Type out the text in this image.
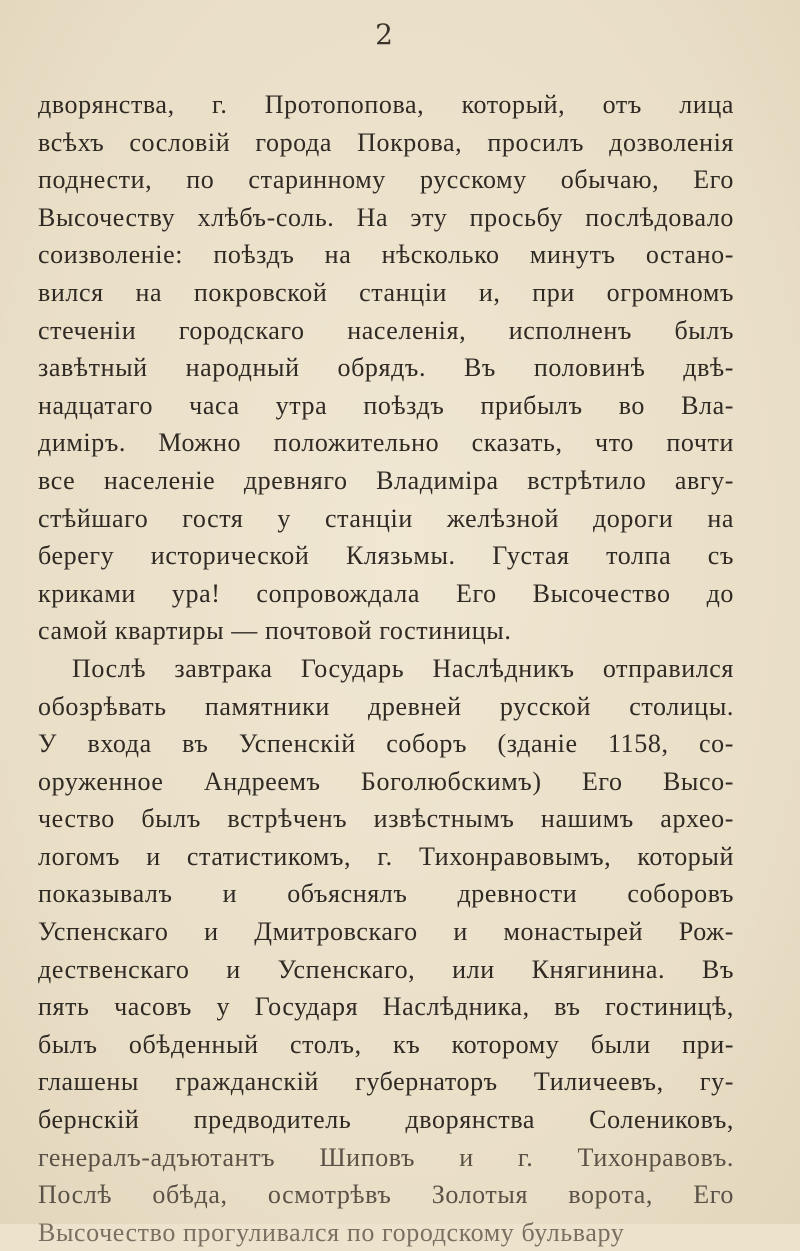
2
дворянства, г. Протопопова, который, отъ лица
всѣхъ сословій города Покрова, просилъ дозволенія
поднести, по старинному русскому обычаю, Его
Высочеству хлѣбъ-соль. На эту просьбу послѣдовало
соизволеніе: поѣздъ на нѣсколько минутъ остано-
вился на покровской станціи и, при огромномъ
стеченіи городскаго населенія, исполненъ былъ
завѣтный народный обрядъ. Въ половинѣ двѣ-
надцатаго часа утра поѣздъ прибылъ во Вла-
диміръ. Можно положительно сказать, что почти
все населеніе древняго Владиміра встрѣтило авгу-
стѣйшаго гостя у станціи желѣзной дороги на
берегу исторической Клязьмы. Густая толпа съ
криками ура! сопровождала Его Высочество до
самой квартиры — почтовой гостиницы.
Послѣ завтрака Государь Наслѣдникъ отправился
обозрѣвать памятники древней русской столицы.
У входа въ Успенскій соборъ (зданіе 1158, со-
оруженное Андреемъ Боголюбскимъ) Его Высо-
чество былъ встрѣченъ извѣстнымъ нашимъ архео-
логомъ и статистикомъ, г. Тихонравовымъ, который
показывалъ и объяснялъ древности соборовъ
Успенскаго и Дмитровскаго и монастырей Рож-
дественскаго и Успенскаго, или Княгинина. Въ
пять часовъ у Государя Наслѣдника, въ гостиницѣ,
былъ обѣденный столъ, къ которому были при-
глашены гражданскій губернаторъ Тиличеевъ, гу-
бернскій предводитель дворянства Солениковъ,
генералъ-адъютантъ Шиповъ и г. Тихонравовъ.
Послѣ обѣда, осмотрѣвъ Золотыя ворота, Его
Высочество прогуливался по городскому бульвару
